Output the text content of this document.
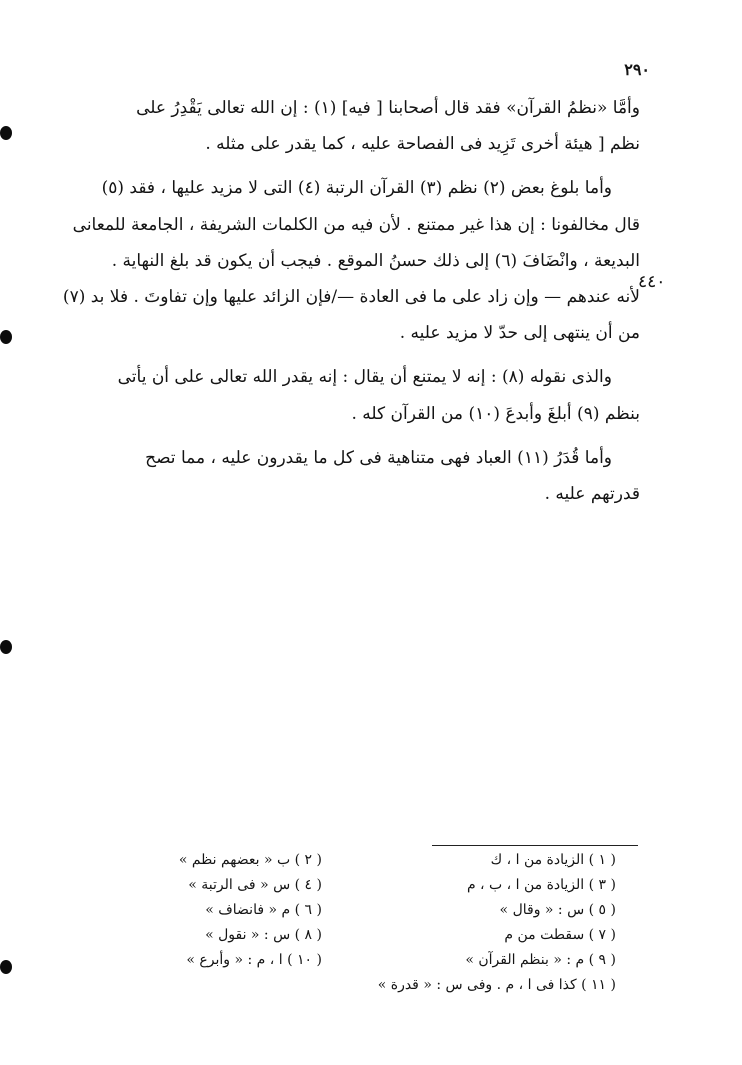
٢٩٠
٤٤٠
وأمَّا «نظمُ القرآن» فقد قال أصحابنا [ فيه] (١) : إن الله تعالى يَقْدِرُ على
نظم [ هيئة أخرى تَزِيد فى الفصاحة عليه ، كما يقدر على مثله .
وأما بلوغ بعض (٢) نظم (٣) القرآن الرتبة (٤) التى لا مزيد عليها ، فقد (٥)
قال مخالفونا : إن هذا غير ممتنع . لأن فيه من الكلمات الشريفة ، الجامعة للمعانى
البديعة ، وانْضَافَ (٦) إلى ذلك حسنُ الموقع . فيجب أن يكون قد بلغ النهاية .
لأنه عندهم — وإن زاد على ما فى العادة —/فإن الزائد عليها وإن تفاوتَ . فلا بد (٧)
من أن ينتهى إلى حدّ لا مزيد عليه .
والذى نقوله (٨) : إنه لا يمتنع أن يقال : إنه يقدر الله تعالى على أن يأتى
بنظم (٩) أبلغَ وأبدعَ (١٠) من القرآن كله .
وأما قُدَرُ (١١) العباد فهى متناهية فى كل ما يقدرون عليه ، مما تصح
قدرتهم عليه .
( ١ ) الزيادة من ا ، ك
( ٣ ) الزيادة من ا ، ب ، م
( ٥ ) س : « وقال »
( ٧ ) سقطت من م
( ٩ ) م : « بنظم القرآن »
( ١١ ) كذا فى ا ، م . وفى س : « قدرة »
( ٢ ) ب « بعضهم نظم »
( ٤ ) س « فى الرتبة »
( ٦ ) م « فانضاف »
( ٨ ) س : « نقول »
( ١٠ ) ا ، م : « وأبرع »
